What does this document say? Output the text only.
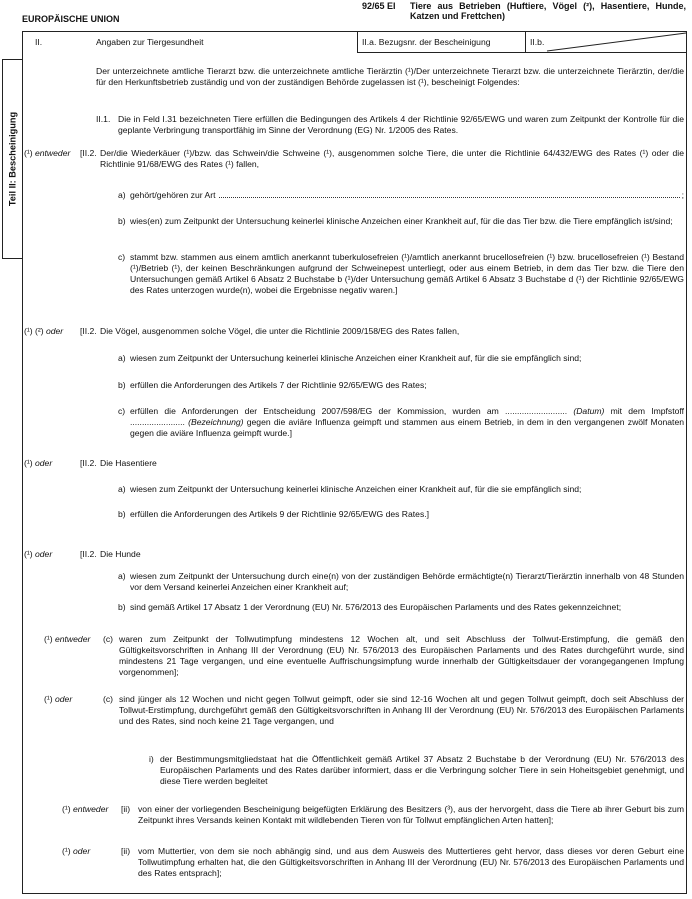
EUROPÄISCHE UNION
92/65 EI Tiere aus Betrieben (Huftiere, Vögel (²), Hasentiere, Hunde, Katzen und Frettchen)
II.	Angaben zur Tiergesundheit	II.a. Bezugsnr. der Bescheinigung	II.b.
Teil II: Bescheinigung
Der unterzeichnete amtliche Tierarzt bzw. die unterzeichnete amtliche Tierärztin (¹)/Der unterzeichnete Tierarzt bzw. die unterzeichnete Tierärztin, der/die für den Herkunftsbetrieb zuständig und von der zuständigen Behörde zugelassen ist (¹), bescheinigt Folgendes:
II.1. Die in Feld I.31 bezeichneten Tiere erfüllen die Bedingungen des Artikels 4 der Richtlinie 92/65/EWG und waren zum Zeitpunkt der Kontrolle für die geplante Verbringung transportfähig im Sinne der Verordnung (EG) Nr. 1/2005 des Rates.
(¹) entweder [II.2. Der/die Wiederkäuer (¹)/bzw. das Schwein/die Schweine (¹), ausgenommen solche Tiere, die unter die Richtlinie 64/432/EWG des Rates (¹) oder die Richtlinie 91/68/EWG des Rates (¹) fallen,
a) gehört/gehören zur Art	;
b) wies(en) zum Zeitpunkt der Untersuchung keinerlei klinische Anzeichen einer Krankheit auf, für die das Tier bzw. die Tiere empfänglich ist/sind;
c) stammt bzw. stammen aus einem amtlich anerkannt tuberkulosefreien (¹)/amtlich anerkannt brucellosefreien (¹) bzw. brucellosefreien (¹) Bestand (¹)/Betrieb (¹), der keinen Beschränkungen aufgrund der Schweinepest unterliegt, oder aus einem Betrieb, in dem das Tier bzw. die Tiere den Untersuchungen gemäß Artikel 6 Absatz 2 Buchstabe b (¹)/der Untersuchung gemäß Artikel 6 Absatz 3 Buchstabe d (¹) der Richtlinie 92/65/EWG des Rates unterzogen wurde(n), wobei die Ergebnisse negativ waren.]
(¹) (²) oder [II.2. Die Vögel, ausgenommen solche Vögel, die unter die Richtlinie 2009/158/EG des Rates fallen,
a) wiesen zum Zeitpunkt der Untersuchung keinerlei klinische Anzeichen einer Krankheit auf, für die sie empfänglich sind;
b) erfüllen die Anforderungen des Artikels 7 der Richtlinie 92/65/EWG des Rates;
c) erfüllen die Anforderungen der Entscheidung 2007/598/EG der Kommission, wurden am .......................... (Datum) mit dem Impfstoff ....................... (Bezeichnung) gegen die aviäre Influenza geimpft und stammen aus einem Betrieb, in dem in den vergangenen zwölf Monaten gegen die aviäre Influenza geimpft wurde.]
(¹) oder	[II.2. Die Hasentiere
a) wiesen zum Zeitpunkt der Untersuchung keinerlei klinische Anzeichen einer Krankheit auf, für die sie empfänglich sind;
b) erfüllen die Anforderungen des Artikels 9 der Richtlinie 92/65/EWG des Rates.]
(¹) oder	[II.2. Die Hunde
a) wiesen zum Zeitpunkt der Untersuchung durch eine(n) von der zuständigen Behörde ermächtigte(n) Tierarzt/Tierärztin innerhalb von 48 Stunden vor dem Versand keinerlei Anzeichen einer Krankheit auf;
b) sind gemäß Artikel 17 Absatz 1 der Verordnung (EU) Nr. 576/2013 des Europäischen Parlaments und des Rates gekennzeichnet;
(¹) entweder (c) waren zum Zeitpunkt der Tollwutimpfung mindestens 12 Wochen alt, und seit Abschluss der Tollwut-Erstimpfung, die gemäß den Gültigkeitsvorschriften in Anhang III der Verordnung (EU) Nr. 576/2013 des Europäischen Parlaments und des Rates durchgeführt wurde, sind mindestens 21 Tage vergangen, und eine eventuelle Auffrischungsimpfung wurde innerhalb der Gültigkeitsdauer der vorangegangenen Impfung vorgenommen];
(¹) oder	(c) sind jünger als 12 Wochen und nicht gegen Tollwut geimpft, oder sie sind 12-16 Wochen alt und gegen Tollwut geimpft, doch seit Abschluss der Tollwut-Erstimpfung, durchgeführt gemäß den Gültigkeitsvorschriften in Anhang III der Verordnung (EU) Nr. 576/2013 des Europäischen Parlaments und des Rates, sind noch keine 21 Tage vergangen, und
i) der Bestimmungsmitgliedstaat hat die Öffentlichkeit gemäß Artikel 37 Absatz 2 Buchstabe b der Verordnung (EU) Nr. 576/2013 des Europäischen Parlaments und des Rates darüber informiert, dass er die Verbringung solcher Tiere in sein Hoheitsgebiet genehmigt, und diese Tiere werden begleitet
(¹) entweder [ii) von einer der vorliegenden Bescheinigung beigefügten Erklärung des Besitzers (³), aus der hervorgeht, dass die Tiere ab ihrer Geburt bis zum Zeitpunkt ihres Versands keinen Kontakt mit wildlebenden Tieren von für Tollwut empfänglichen Arten hatten];
(¹) oder	[ii) vom Muttertier, von dem sie noch abhängig sind, und aus dem Ausweis des Muttertieres geht hervor, dass dieses vor deren Geburt eine Tollwutimpfung erhalten hat, die den Gültigkeitsvorschriften in Anhang III der Verordnung (EU) Nr. 576/2013 des Europäischen Parlaments und des Rates entsprach];
